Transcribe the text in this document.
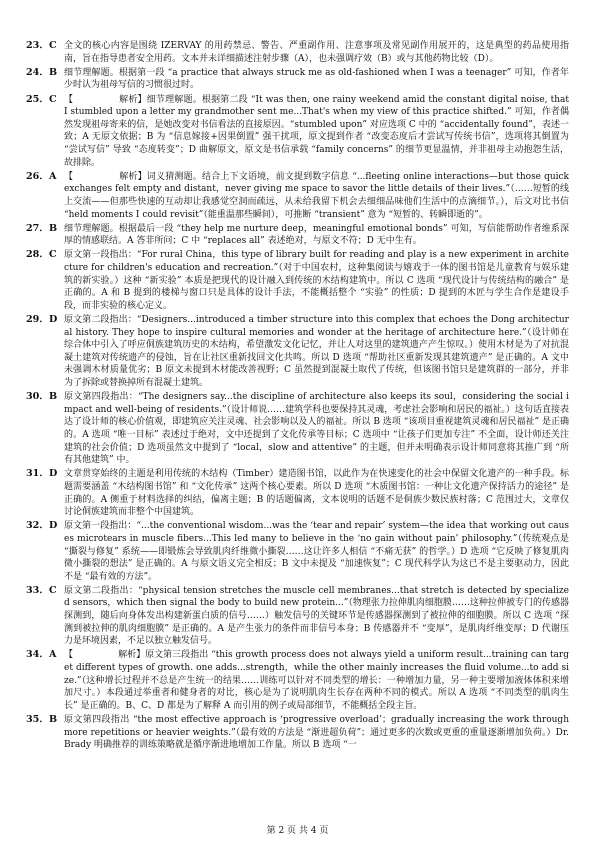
23．C 全文的核心内容是围绕 IZERVAY 的用药禁忌、警告、严重副作用、注意事项及常见副作用展开的，这是典型的药品使用指南，旨在指导患者安全用药。文本并未详细描述注射步骤（A），也未强调疗效（B）或与其他药物比较（D）。
24．B 细节理解题。根据第一段 “a practice that always struck me as old-fashioned when I was a teenager” 可知，作者年少时认为祖母写信的习惯很过时。
25．C 【　　　　　解析】细节理解题。根据第二段 “It was then, one rainy weekend amid the constant digital noise, that I stumbled upon a letter my grandmother sent me...That's when my view of this practice shifted.” 可知，作者偶然发现祖母寄来的信，是她改变对书信看法的直接原因。“stumbled upon” 对应选项 C 中的 “accidentally found”，表述一致；A 无原文依据；B 为 “信息嫁接+因果倒置” 强干扰项，原文提到作者 “改变态度后才尝试写传统书信”，选项将其倒置为 “尝试写信” 导致 “态度转变”；D 曲解原文，原文是书信承载 “family concerns” 的细节更显温情，并非祖母主动抱怨生活，故排除。
26．A 【　　　　　解析】词义猜测题。结合上下文语境，前文提到数字信息 “...fleeting online interactions—but those quick exchanges felt empty and distant，never giving me space to savor the little details of their lives.”（……短暂的线上交流——但那些快速的互动却让我感觉空洞而疏远，从未给我留下机会去细细品味他们生活中的点滴细节。），后文对比书信 “held moments I could revisit”（能重温那些瞬间），可推断 “transient” 意为 “短暂的、转瞬即逝的”。
27．B 细节理解题。根据最后一段 “they help me nurture deep，meaningful emotional bonds” 可知，写信能帮助作者维系深厚的情感联结。A 答非所问；C 中 “replaces all” 表述绝对，与原文不符；D 无中生有。
28．C 原文第一段指出：“For rural China，this type of library built for reading and play is a new experiment in architecture for children's education and recreation.”（对于中国农村，这种集阅读与嬉戏于一体的图书馆是儿童教育与娱乐建筑的新实验。）这种 “新实验” 本质是把现代的设计融入到传统的木结构建筑中。所以 C 选项 “现代设计与传统结构的融合” 是正确的。A 和 B 提到的楼梯与窗口只是具体的设计手法，不能概括整个 “实验” 的性质；D 提到的木匠与学生合作是建设手段，而非实验的核心定义。
29．D 原文第二段指出：“Designers...introduced a timber structure into this complex that echoes the Dong architectural history. They hope to inspire cultural memories and wonder at the heritage of architecture here.”（设计师在综合体中引入了呼应侗族建筑历史的木结构，希望激发文化记忆，并让人对这里的建筑遗产产生惊叹。）使用木材是为了对抗混凝土建筑对传统遗产的侵蚀，旨在让社区重新找回文化共鸣。所以 D 选项 “帮助社区重新发现其建筑遗产” 是正确的。A 文中未强调木材质量优劣；B 原文未提到木材能改善视野；C 虽然提到混凝土取代了传统，但该图书馆只是建筑群的一部分，并非为了拆除或替换掉所有混凝土建筑。
30．B 原文第四段指出：“The designers say...the discipline of architecture also keeps its soul，considering the social impact and well-being of residents.”（设计师说……建筑学科也要保持其灵魂，考虑社会影响和居民的福祉。）这句话直接表达了设计师的核心价值观，即建筑应关注灵魂、社会影响以及人的福祉。所以 B 选项 “该项目重视建筑灵魂和居民福祉” 是正确的。A 选项 “唯一目标” 表述过于绝对，文中还提到了文化传承等目标；C 选项中 “让孩子们更加专注” 不全面，设计师还关注建筑的社会价值；D 选项虽然文中提到了 “local，slow and attentive” 的主题，但并未明确表示设计师同意将其推广到 “所有其他建筑” 中。
31．D 文章贯穿始终的主题是利用传统的木结构（Timber）建造图书馆，以此作为在快速变化的社会中保留文化遗产的一种手段。标题需要涵盖 “木结构图书馆” 和 “文化传承” 这两个核心要素。所以 D 选项 “木质图书馆：一种让文化遗产保持活力的途径” 是正确的。A 侧重于材料选择的纠结，偏离主题；B 的话题偏离，文本说明的话题不是侗族少数民族村落；C 范围过大，文章仅讨论侗族建筑而非整个中国建筑。
32．D 原文第一段指出：“...the conventional wisdom...was the ‘tear and repair’ system—the idea that working out causes microtears in muscle fibers...This led many to believe in the ‘no gain without pain’ philosophy.”（传统观点是 “撕裂与修复” 系统——即锻炼会导致肌肉纤维微小撕裂……这让许多人相信 “不痛无获” 的哲学。）D 选项 “它反映了修复肌肉微小撕裂的想法” 是正确的。A 与原文语义完全相反；B 文中未提及 “加速恢复”；C 现代科学认为这已不是主要驱动力，因此不是 “最有效的方法”。
33．C 原文第二段指出：“physical tension stretches the muscle cell membranes...that stretch is detected by specialized sensors，which then signal the body to build new protein...”（物理张力拉伸肌肉细胞膜……这种拉伸被专门的传感器探测到，随后向身体发出构建新蛋白质的信号……）触发信号的关键环节是传感器探测到了被拉伸的细胞膜。所以 C 选项 “探测到被拉伸的肌肉细胞膜” 是正确的。A 是产生张力的条件而非信号本身；B 传感器并不 “变厚”，是肌肉纤维变厚；D 代谢压力是环境因素，不足以独立触发信号。
34．A 【　　　　　解析】原文第三段指出 “this growth process does not always yield a uniform result...training can target different types of growth. one adds...strength，while the other mainly increases the fluid volume...to add size.”（这种增长过程并不总是产生统一的结果……训练可以针对不同类型的增长：一种增加力量，另一种主要增加液体体积来增加尺寸。）本段通过举重者和健身者的对比，核心是为了说明肌肉生长存在两种不同的模式。所以 A 选项 “不同类型的肌肉生长” 是正确的。B、C、D 都是为了解释 A 而引用的例子或局部细节，不能概括全段主旨。
35．B 原文第四段指出 “the most effective approach is ‘progressive overload’；gradually increasing the work through more repetitions or heavier weights.”（最有效的方法是 “渐进超负荷”；通过更多的次数或更重的重量逐渐增加负荷。）Dr. Brady 明确推荐的训练策略就是循序渐进地增加工作量。所以 B 选项 “一
第 2 页 共 4 页
